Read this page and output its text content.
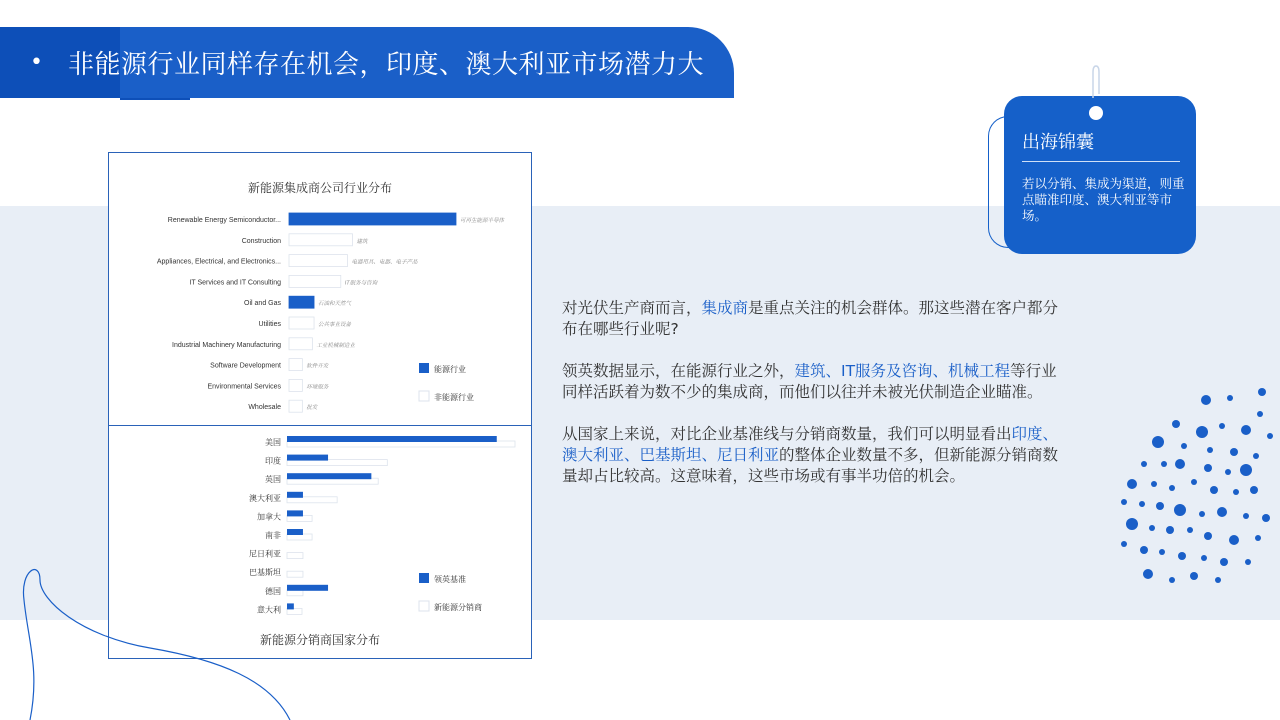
• 非能源行业同样存在机会，印度、澳大利亚市场潜力大
新能源集成商公司行业分布
Renewable Energy Semiconductor...	可再生能源半导体
Construction	建筑
Appliances, Electrical, and Electronics...	电器用具、电器、电子产品
IT Services and IT Consulting	IT服务与咨询
Oil and Gas	石油和天然气
Utilities	公共事业设备
Industrial Machinery Manufacturing	工业机械制造业
Software Development	软件开发
Environmental Services	环境服务
Wholesale	批发
能源行业
非能源行业
美国
印度
英国
澳大利亚
加拿大
南非
尼日利亚
巴基斯坦
德国
意大利
领英基准
新能源分销商
新能源分销商国家分布

对光伏生产商而言，集成商是重点关注的机会群体。那这些潜在客户都分布在哪些行业呢?

领英数据显示，在能源行业之外，建筑、IT服务及咨询、机械工程等行业同样活跃着为数不少的集成商，而他们以往并未被光伏制造企业瞄准。

从国家上来说，对比企业基准线与分销商数量，我们可以明显看出印度、澳大利亚、巴基斯坦、尼日利亚的整体企业数量不多，但新能源分销商数量却占比较高。这意味着，这些市场或有事半功倍的机会。

出海锦囊
若以分销、集成为渠道，则重点瞄准印度、澳大利亚等市场。
